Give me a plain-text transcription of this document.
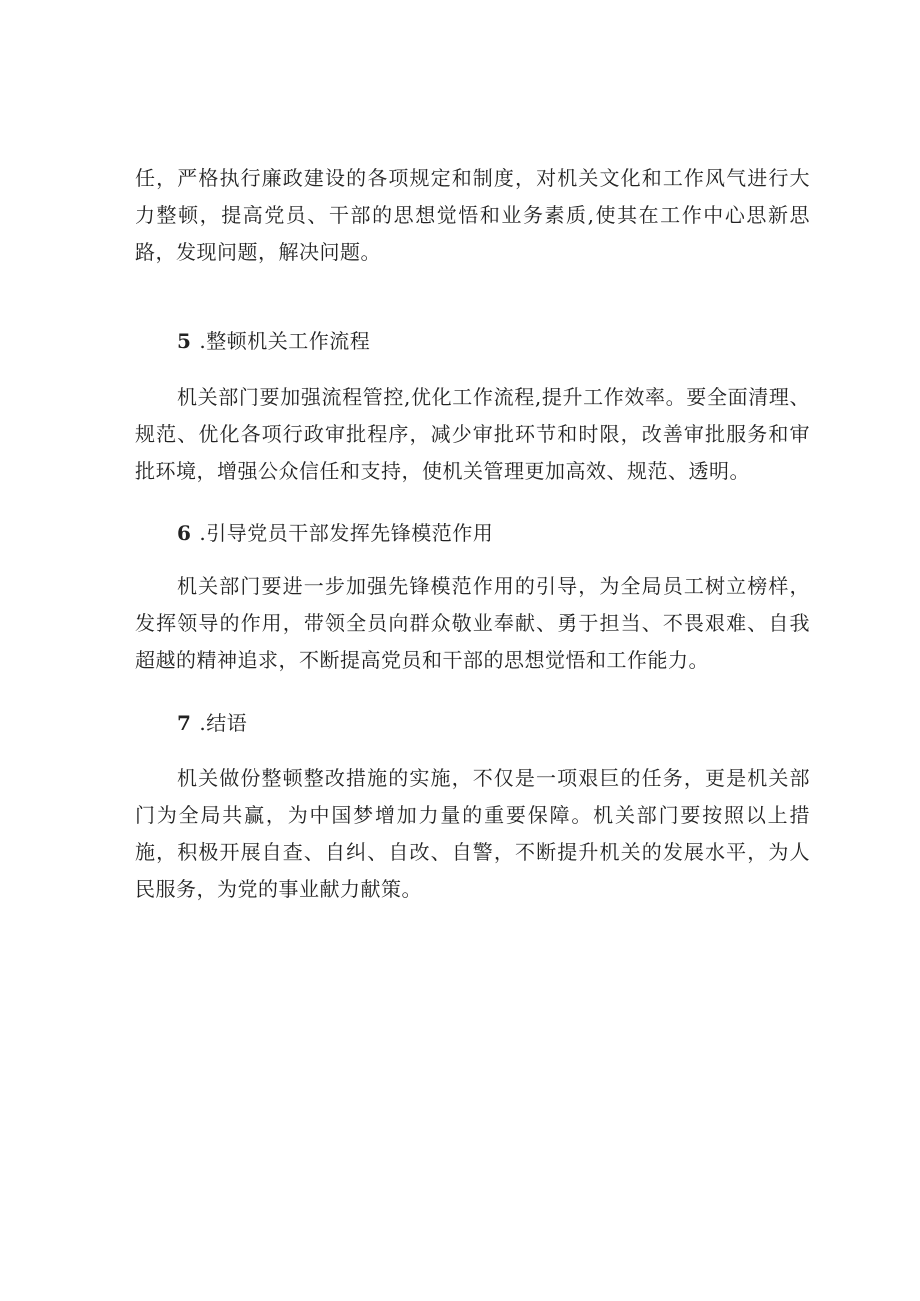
任，严格执行廉政建设的各项规定和制度，对机关文化和工作风气进行大力整顿，提高党员、干部的思想觉悟和业务素质,使其在工作中心思新思路，发现问题，解决问题。

5 .整顿机关工作流程

机关部门要加强流程管控,优化工作流程,提升工作效率。要全面清理、规范、优化各项行政审批程序，减少审批环节和时限，改善审批服务和审批环境，增强公众信任和支持，使机关管理更加高效、规范、透明。

6 .引导党员干部发挥先锋模范作用

机关部门要进一步加强先锋模范作用的引导，为全局员工树立榜样，发挥领导的作用，带领全员向群众敬业奉献、勇于担当、不畏艰难、自我超越的精神追求，不断提高党员和干部的思想觉悟和工作能力。

7 .结语

机关做份整顿整改措施的实施，不仅是一项艰巨的任务，更是机关部门为全局共赢，为中国梦增加力量的重要保障。机关部门要按照以上措施，积极开展自查、自纠、自改、自警，不断提升机关的发展水平，为人民服务，为党的事业献力献策。
